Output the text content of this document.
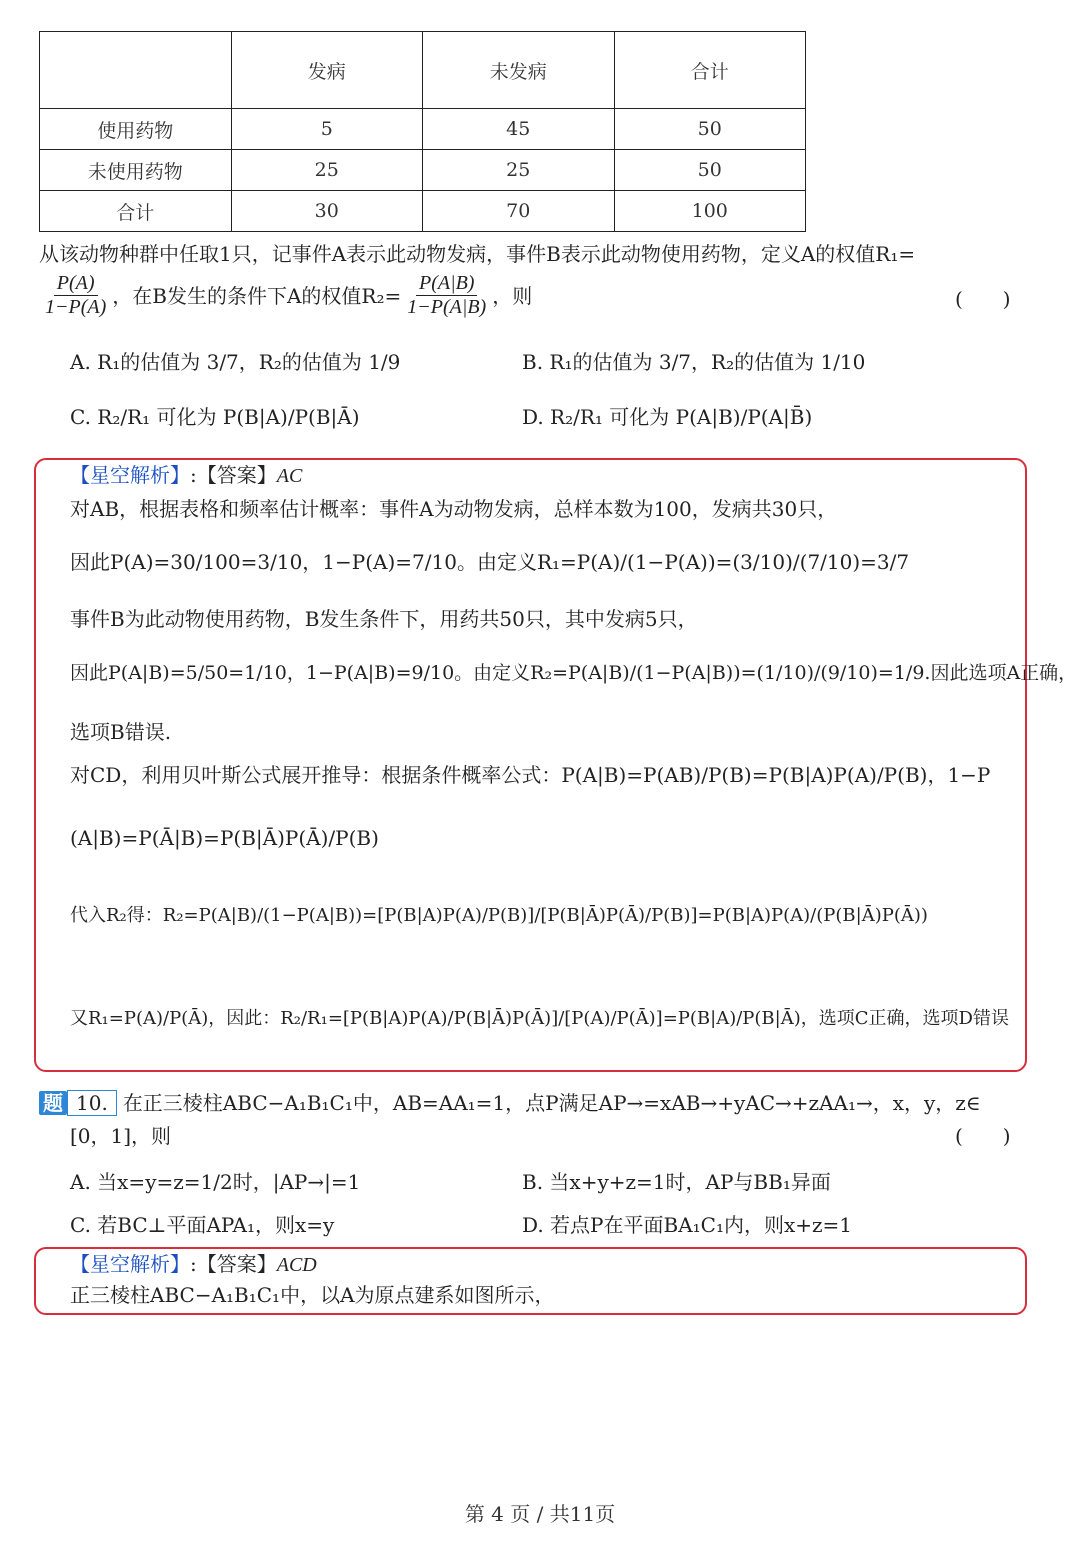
	发病	未发病	合计
使用药物	5	45	50
未使用药物	25	25	50
合计	30	70	100
从该动物种群中任取1只，记事件A表示此动物发病，事件B表示此动物使用药物，定义A的权值R₁=
$\frac{P(A)}{1-P(A)}$ ，在B发生的条件下A的权值$R_2= \frac{P(A|B)}{1-P(A|B)}$ ，则	(　　)
A. R₁的估值为 3/7，R₂的估值为 1/9	B. R₁的估值为 3/7，R₂的估值为 1/10
C. R₂/R₁ 可化为 P(B|A)/P(B|Ā)	D. R₂/R₁ 可化为 P(A|B)/P(A|B̄)
【星空解析】:【答案】AC
对AB，根据表格和频率估计概率：事件A为动物发病，总样本数为100，发病共30只，
因此P(A)=30/100=3/10，1−P(A)=7/10。由定义R₁=P(A)/(1−P(A))=(3/10)/(7/10)=3/7
事件B为此动物使用药物，B发生条件下，用药共50只，其中发病5只，
因此P(A|B)=5/50=1/10，1−P(A|B)=9/10。由定义R₂=P(A|B)/(1−P(A|B))=(1/10)/(9/10)=1/9.因此选项A正确，
选项B错误.
对CD，利用贝叶斯公式展开推导：根据条件概率公式：P(A|B)=P(AB)/P(B)=P(B|A)P(A)/P(B)，1−P
(A|B)=P(Ā|B)=P(B|Ā)P(Ā)/P(B)
代入R₂得：R₂=P(A|B)/(1−P(A|B))=[P(B|A)P(A)/P(B)]/[P(B|Ā)P(Ā)/P(B)]=P(B|A)P(A)/(P(B|Ā)P(Ā))
又R₁=P(A)/P(Ā)，因此：R₂/R₁=[P(B|A)P(A)/P(B|Ā)P(Ā)]/[P(A)/P(Ā)]=P(B|A)/P(B|Ā)，选项C正确，选项D错误
题 10. 在正三棱柱ABC−A₁B₁C₁中，AB=AA₁=1，点P满足AP→=xAB→+yAC→+zAA₁→，x，y，z∈
[0，1]，则	(　　)
A. 当x=y=z=1/2时，|AP→|=1	B. 当x+y+z=1时，AP与BB₁异面
C. 若BC⊥平面APA₁，则x=y	D. 若点P在平面BA₁C₁内，则x+z=1
【星空解析】:【答案】ACD
正三棱柱ABC−A₁B₁C₁中，以A为原点建系如图所示，
第 4 页 / 共11页
